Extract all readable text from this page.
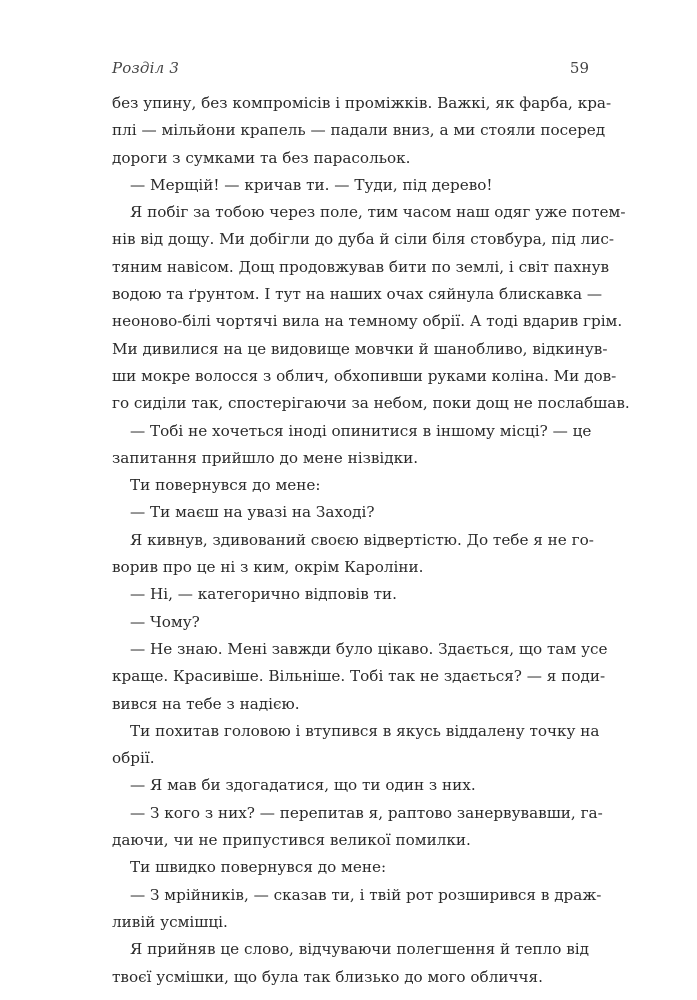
Розділ 3	59
без упину, без компромісів і проміжків. Важкі, як фарба, кра-
плі — мільйони крапель — падали вниз, а ми стояли посеред
дороги з сумками та без парасольок.
— Мерщій! — кричав ти. — Туди, під дерево!
Я побіг за тобою через поле, тим часом наш одяг уже потем-
нів від дощу. Ми добігли до дуба й сіли біля стовбура, під лис-
тяним навісом. Дощ продовжував бити по землі, і світ пахнув
водою та ґрунтом. І тут на наших очах сяйнула блискавка —
неоново-білі чортячі вила на темному обрії. А тоді вдарив грім.
Ми дивилися на це видовище мовчки й шанобливо, відкинув-
ши мокре волосся з облич, обхопивши руками коліна. Ми дов-
го сиділи так, спостерігаючи за небом, поки дощ не послабшав.
— Тобі не хочеться іноді опинитися в іншому місці? — це
запитання прийшло до мене нізвідки.
Ти повернувся до мене:
— Ти маєш на увазі на Заході?
Я кивнув, здивований своєю відвертістю. До тебе я не го-
ворив про це ні з ким, окрім Кароліни.
— Ні, — категорично відповів ти.
— Чому?
— Не знаю. Мені завжди було цікаво. Здається, що там усе
краще. Красивіше. Вільніше. Тобі так не здається? — я поди-
вився на тебе з надією.
Ти похитав головою і втупився в якусь віддалену точку на
обрії.
— Я мав би здогадатися, що ти один з них.
— З кого з них? — перепитав я, раптово занервувавши, га-
даючи, чи не припустився великої помилки.
Ти швидко повернувся до мене:
— З мрійників, — сказав ти, і твій рот розширився в драж-
ливій усмішці.
Я прийняв це слово, відчуваючи полегшення й тепло від
твоєї усмішки, що була так близько до мого обличчя.
